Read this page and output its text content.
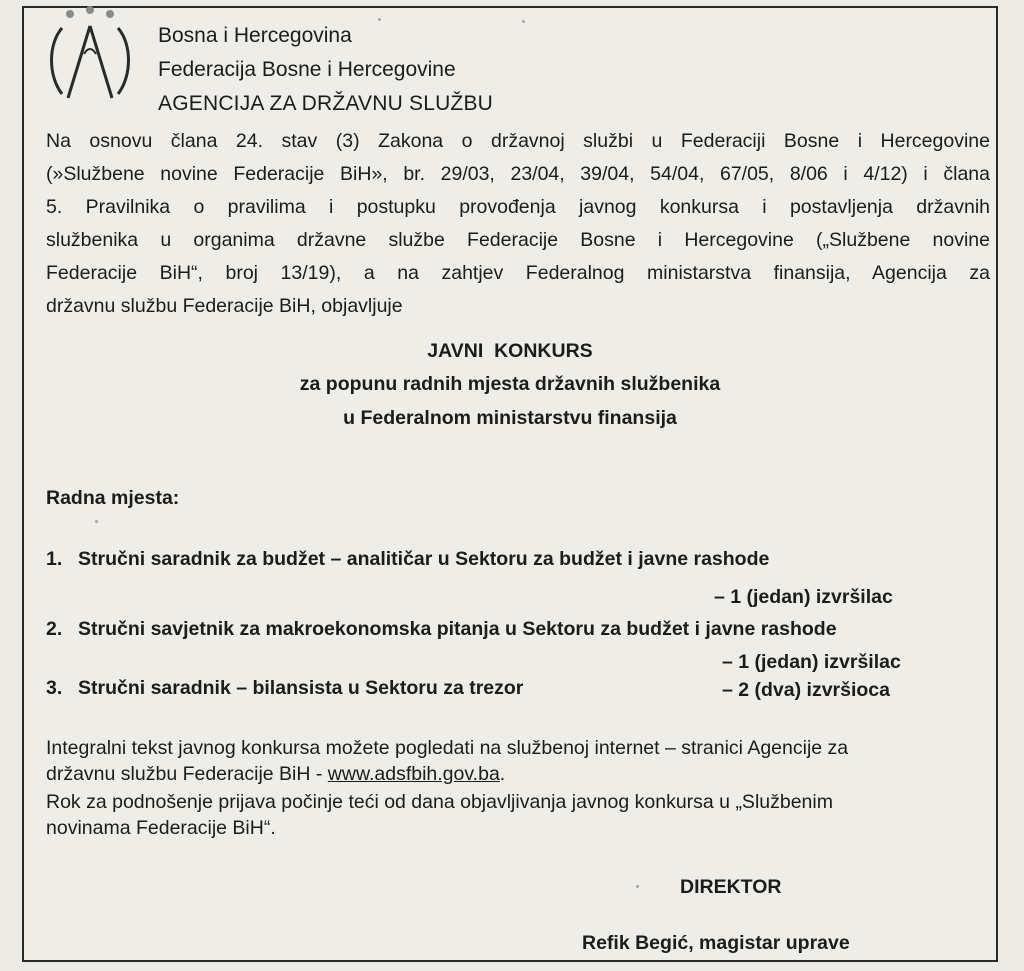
Bosna i Hercegovina
Federacija Bosne i Hercegovine
AGENCIJA ZA DRŽAVNU SLUŽBU
Na osnovu člana 24. stav (3) Zakona o državnoj službi u Federaciji Bosne i Hercegovine
(»Službene novine Federacije BiH», br. 29/03, 23/04, 39/04, 54/04, 67/05, 8/06 i 4/12) i člana
5. Pravilnika o pravilima i postupku provođenja javnog konkursa i postavljenja državnih
službenika u organima državne službe Federacije Bosne i Hercegovine („Službene novine
Federacije BiH“, broj 13/19), a na zahtjev Federalnog ministarstva finansija, Agencija za
državnu službu Federacije BiH, objavljuje
JAVNI  KONKURS
za popunu radnih mjesta državnih službenika
u Federalnom ministarstvu finansija
Radna mjesta:
1. Stručni saradnik za budžet – analitičar u Sektoru za budžet i javne rashode
– 1 (jedan) izvršilac
2. Stručni savjetnik za makroekonomska pitanja u Sektoru za budžet i javne rashode
– 1 (jedan) izvršilac
3. Stručni saradnik – bilansista u Sektoru za trezor	– 2 (dva) izvršioca
Integralni tekst javnog konkursa možete pogledati na službenoj internet – stranici Agencije za
državnu službu Federacije BiH - www.adsfbih.gov.ba.
Rok za podnošenje prijava počinje teći od dana objavljivanja javnog konkursa u „Službenim
novinama Federacije BiH“.
DIREKTOR
Refik Begić, magistar uprave
